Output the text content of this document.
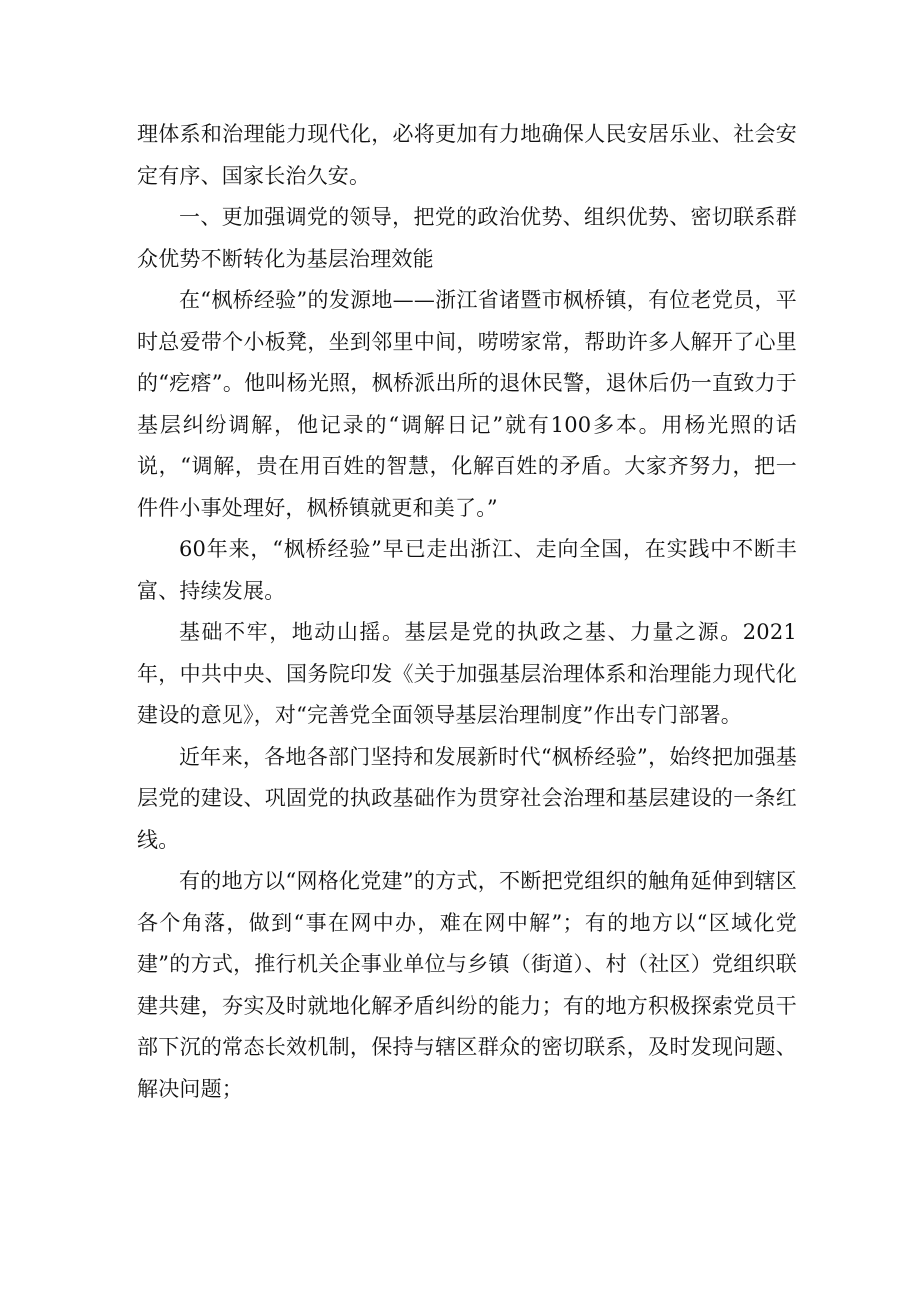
理体系和治理能力现代化，必将更加有力地确保人民安居乐业、社会安定有序、国家长治久安。

一、更加强调党的领导，把党的政治优势、组织优势、密切联系群众优势不断转化为基层治理效能

在“枫桥经验”的发源地——浙江省诸暨市枫桥镇，有位老党员，平时总爱带个小板凳，坐到邻里中间，唠唠家常，帮助许多人解开了心里的“疙瘩”。他叫杨光照，枫桥派出所的退休民警，退休后仍一直致力于基层纠纷调解，他记录的“调解日记”就有100多本。用杨光照的话说，“调解，贵在用百姓的智慧，化解百姓的矛盾。大家齐努力，把一件件小事处理好，枫桥镇就更和美了。”

60年来，“枫桥经验”早已走出浙江、走向全国，在实践中不断丰富、持续发展。

基础不牢，地动山摇。基层是党的执政之基、力量之源。2021年，中共中央、国务院印发《关于加强基层治理体系和治理能力现代化建设的意见》，对“完善党全面领导基层治理制度”作出专门部署。

近年来，各地各部门坚持和发展新时代“枫桥经验”，始终把加强基层党的建设、巩固党的执政基础作为贯穿社会治理和基层建设的一条红线。

有的地方以“网格化党建”的方式，不断把党组织的触角延伸到辖区各个角落，做到“事在网中办，难在网中解”；有的地方以“区域化党建”的方式，推行机关企事业单位与乡镇（街道）、村（社区）党组织联建共建，夯实及时就地化解矛盾纠纷的能力；有的地方积极探索党员干部下沉的常态长效机制，保持与辖区群众的密切联系，及时发现问题、解决问题；
